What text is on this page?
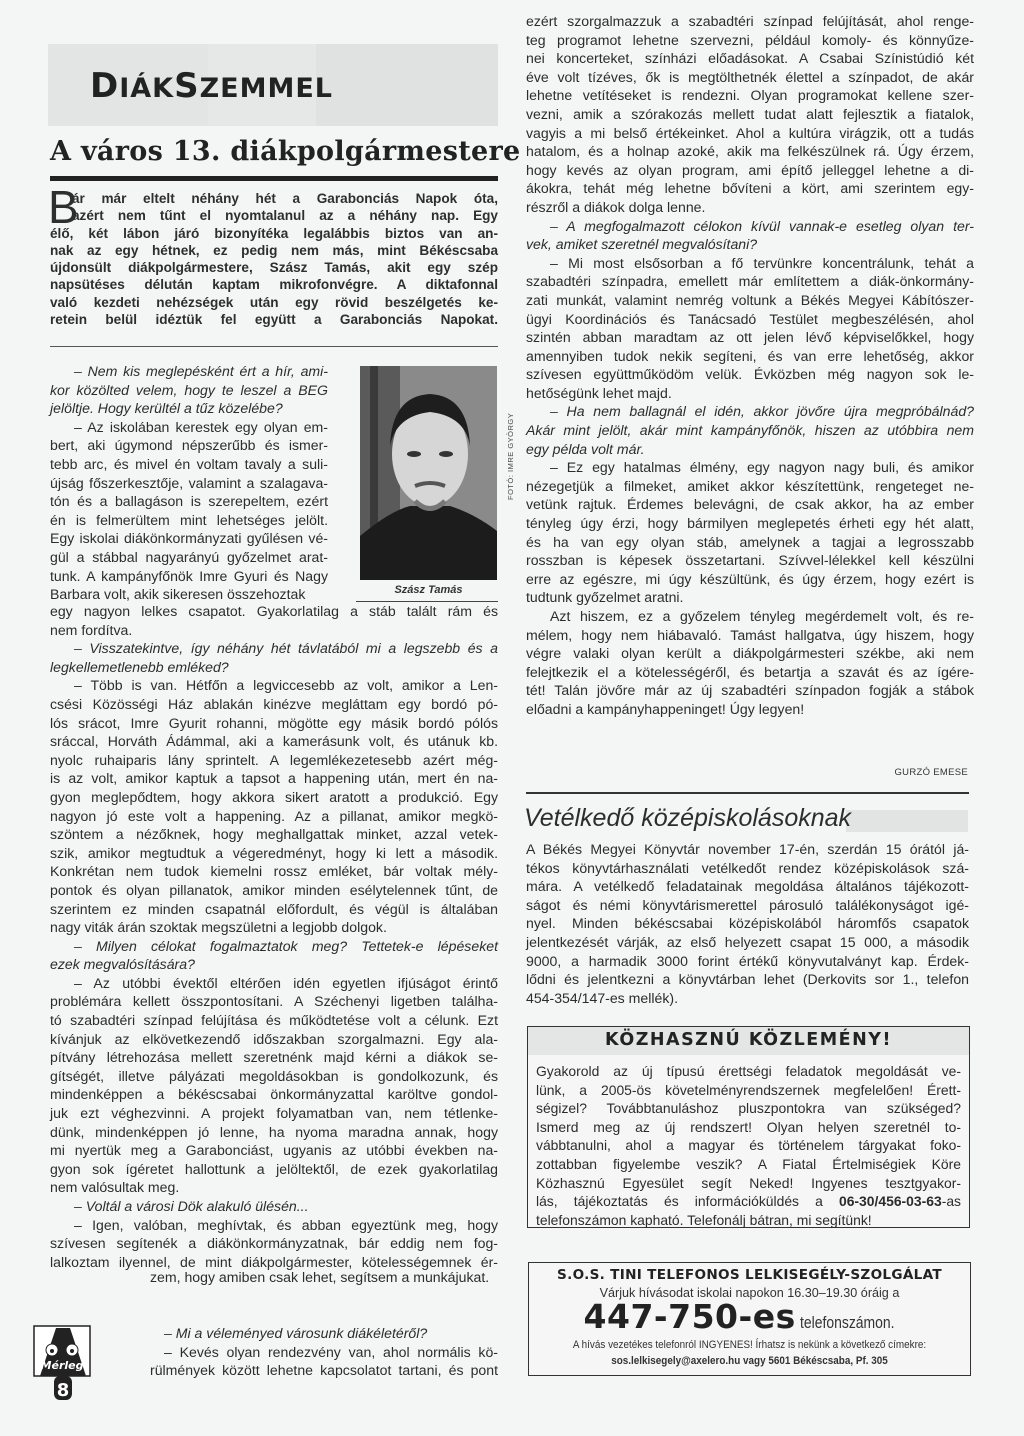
DIÁKSZEMMEL
A város 13. diákpolgármestere
B
ár már eltelt néhány hét a Garabonciás Napok óta,
azért nem tűnt el nyomtalanul az a néhány nap. Egy
élő, két lábon járó bizonyítéka legalábbis biztos van an-
nak az egy hétnek, ez pedig nem más, mint Békéscsaba
újdonsült diákpolgármestere, Szász Tamás, akit egy szép
napsütéses délután kaptam mikrofonvégre. A diktafonnal
való kezdeti nehézségek után egy rövid beszélgetés ke-
retein belül idéztük fel együtt a Garabonciás Napokat.
– Nem kis meglepésként ért a hír, ami-
kor közölted velem, hogy te leszel a BEG
jelöltje. Hogy kerültél a tűz közelébe?
– Az iskolában kerestek egy olyan em-
bert, aki úgymond népszerűbb és ismer-
tebb arc, és mivel én voltam tavaly a suli-
újság főszerkesztője, valamint a szalagava-
tón és a ballagáson is szerepeltem, ezért
én is felmerültem mint lehetséges jelölt.
Egy iskolai diákönkormányzati gyűlésen vé-
gül a stábbal nagyarányú győzelmet arat-
tunk. A kampányfőnök Imre Gyuri és Nagy
Barbara volt, akik sikeresen összehoztak
FOTÓ: IMRE GYÖRGY
Szász Tamás
egy nagyon lelkes csapatot. Gyakorlatilag a stáb talált rám és
nem fordítva.
– Visszatekintve, így néhány hét távlatából mi a legszebb és a
legkellemetlenebb emléked?
– Több is van. Hétfőn a legviccesebb az volt, amikor a Len-
csési Közösségi Ház ablakán kinézve megláttam egy bordó pó-
lós srácot, Imre Gyurit rohanni, mögötte egy másik bordó pólós
sráccal, Horváth Ádámmal, aki a kamerásunk volt, és utánuk kb.
nyolc ruhaiparis lány sprintelt. A legemlékezetesebb azért még-
is az volt, amikor kaptuk a tapsot a happening után, mert én na-
gyon meglepődtem, hogy akkora sikert aratott a produkció. Egy
nagyon jó este volt a happening. Az a pillanat, amikor megkö-
szöntem a nézőknek, hogy meghallgattak minket, azzal vetek-
szik, amikor megtudtuk a végeredményt, hogy ki lett a második.
Konkrétan nem tudok kiemelni rossz emléket, bár voltak mély-
pontok és olyan pillanatok, amikor minden esélytelennek tűnt, de
szerintem ez minden csapatnál előfordult, és végül is általában
nagy viták árán szoktak megszületni a legjobb dolgok.
– Milyen célokat fogalmaztatok meg? Tettetek-e lépéseket
ezek megvalósítására?
– Az utóbbi évektől eltérően idén egyetlen ifjúságot érintő
problémára kellett összpontosítani. A Széchenyi ligetben találha-
tó szabadtéri színpad felújítása és működtetése volt a célunk. Ezt
kívánjuk az elkövetkezendő időszakban szorgalmazni. Egy ala-
pítvány létrehozása mellett szeretnénk majd kérni a diákok se-
gítségét, illetve pályázati megoldásokban is gondolkozunk, és
mindenképpen a békéscsabai önkormányzattal karöltve gondol-
juk ezt véghezvinni. A projekt folyamatban van, nem tétlenke-
dünk, mindenképpen jó lenne, ha nyoma maradna annak, hogy
mi nyertük meg a Garabonciást, ugyanis az utóbbi években na-
gyon sok ígéretet hallottunk a jelöltektől, de ezek gyakorlatilag
nem valósultak meg.
– Voltál a városi Dök alakuló ülésén...
– Igen, valóban, meghívtak, és abban egyeztünk meg, hogy
szívesen segítenék a diákönkormányzatnak, bár eddig nem fog-
lalkoztam ilyennel, de mint diákpolgármester, kötelességemnek ér-
zem, hogy amiben csak lehet, segítsem a munkájukat.
Mérleg
8
– Mi a véleményed városunk diákéletéről?
– Kevés olyan rendezvény van, ahol normális kö-
rülmények között lehetne kapcsolatot tartani, és pont
ezért szorgalmazzuk a szabadtéri színpad felújítását, ahol renge-
teg programot lehetne szervezni, például komoly- és könnyűze-
nei koncerteket, színházi előadásokat. A Csabai Színistúdió két
éve volt tízéves, ők is megtölthetnék élettel a színpadot, de akár
lehetne vetítéseket is rendezni. Olyan programokat kellene szer-
vezni, amik a szórakozás mellett tudat alatt fejlesztik a fiatalok,
vagyis a mi belső értékeinket. Ahol a kultúra virágzik, ott a tudás
hatalom, és a holnap azoké, akik ma felkészülnek rá. Úgy érzem,
hogy kevés az olyan program, ami építő jelleggel lehetne a di-
ákokra, tehát még lehetne bővíteni a kört, ami szerintem egy-
részről a diákok dolga lenne.
– A megfogalmazott célokon kívül vannak-e esetleg olyan ter-
vek, amiket szeretnél megvalósítani?
– Mi most elsősorban a fő tervünkre koncentrálunk, tehát a
szabadtéri színpadra, emellett már említettem a diák-önkormány-
zati munkát, valamint nemrég voltunk a Békés Megyei Kábítószer-
ügyi Koordinációs és Tanácsadó Testület megbeszélésén, ahol
szintén abban maradtam az ott jelen lévő képviselőkkel, hogy
amennyiben tudok nekik segíteni, és van erre lehetőség, akkor
szívesen együttműködöm velük. Évközben még nagyon sok le-
hetőségünk lehet majd.
– Ha nem ballagnál el idén, akkor jövőre újra megpróbálnád?
Akár mint jelölt, akár mint kampányfőnök, hiszen az utóbbira nem
egy példa volt már.
– Ez egy hatalmas élmény, egy nagyon nagy buli, és amikor
nézegetjük a filmeket, amiket akkor készítettünk, rengeteget ne-
vetünk rajtuk. Érdemes belevágni, de csak akkor, ha az ember
tényleg úgy érzi, hogy bármilyen meglepetés érheti egy hét alatt,
és ha van egy olyan stáb, amelynek a tagjai a legrosszabb
rosszban is képesek összetartani. Szívvel-lélekkel kell készülni
erre az egészre, mi úgy készültünk, és úgy érzem, hogy ezért is
tudtunk győzelmet aratni.
Azt hiszem, ez a győzelem tényleg megérdemelt volt, és re-
mélem, hogy nem hiábavaló. Tamást hallgatva, úgy hiszem, hogy
végre valaki olyan került a diákpolgármesteri székbe, aki nem
felejtkezik el a kötelességéről, és betartja a szavát és az ígére-
tét! Talán jövőre már az új szabadtéri színpadon fogják a stábok
előadni a kampányhappeninget! Úgy legyen!
GURZÓ EMESE
Vetélkedő középiskolásoknak
A Békés Megyei Könyvtár november 17-én, szerdán 15 órától já-
tékos könyvtárhasználati vetélkedőt rendez középiskolások szá-
mára. A vetélkedő feladatainak megoldása általános tájékozott-
ságot és némi könyvtárismerettel párosuló találékonyságot igé-
nyel. Minden békéscsabai középiskolából háromfős csapatok
jelentkezését várják, az első helyezett csapat 15 000, a második
9000, a harmadik 3000 forint értékű könyvutalványt kap. Érdek-
lődni és jelentkezni a könyvtárban lehet (Derkovits sor 1., telefon
454-354/147-es mellék).
KÖZHASZNÚ KÖZLEMÉNY!
Gyakorold az új típusú érettségi feladatok megoldását ve-
lünk, a 2005-ös követelményrendszernek megfelelően! Érett-
ségizel? Továbbtanuláshoz pluszpontokra van szükséged?
Ismerd meg az új rendszert! Olyan helyen szeretnél to-
vábbtanulni, ahol a magyar és történelem tárgyakat foko-
zottabban figyelembe veszik? A Fiatal Értelmiségiek Köre
Közhasznú Egyesület segít Neked! Ingyenes tesztgyakor-
lás, tájékoztatás és információküldés a 06-30/456-03-63-as
telefonszámon kapható. Telefonálj bátran, mi segítünk!
S.O.S. TINI TELEFONOS LELKISEGÉLY-SZOLGÁLAT
Várjuk hívásodat iskolai napokon 16.30–19.30 óráig a
447-750-es telefonszámon.
A hívás vezetékes telefonról INGYENES! Írhatsz is nekünk a következő címekre:
sos.lelkisegely@axelero.hu vagy 5601 Békéscsaba, Pf. 305
